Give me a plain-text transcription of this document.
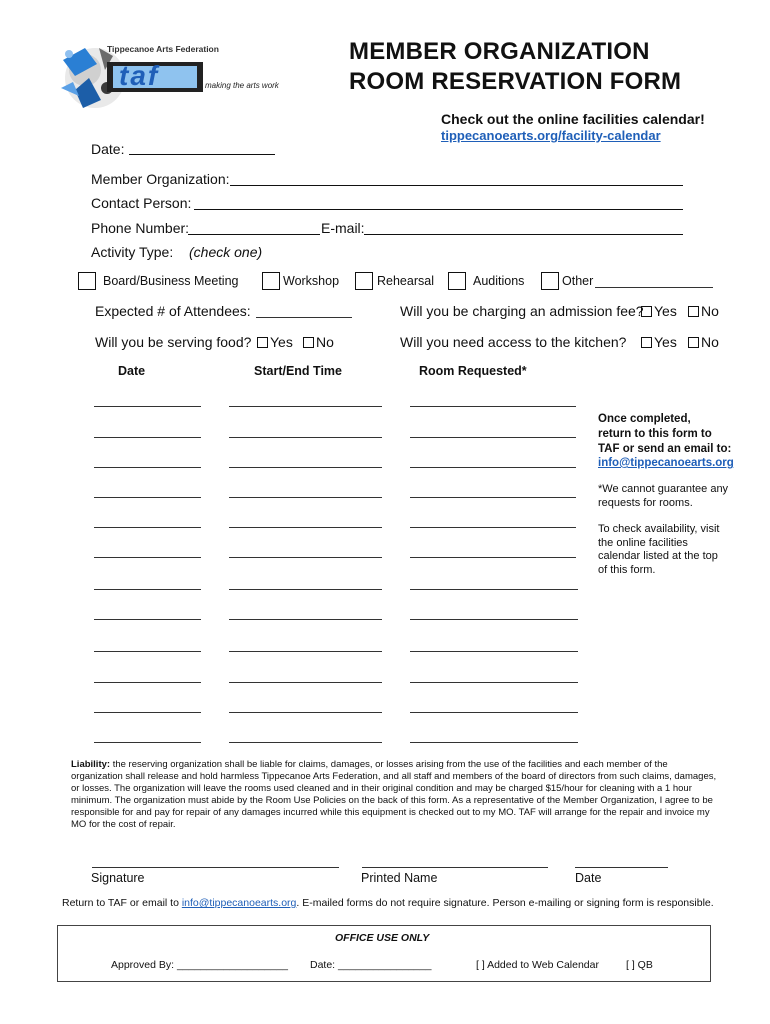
Tippecanoe Arts Federation
taf	making the arts work
MEMBER ORGANIZATION
ROOM RESERVATION FORM
Check out the online facilities calendar!
tippecanoearts.org/facility-calendar
Date:
Member Organization:
Contact Person:
Phone Number:	E-mail:
Activity Type: (check one)
Board/Business Meeting	Workshop	Rehearsal	Auditions	Other
Expected # of Attendees:	Will you be charging an admission fee? Yes	No
Will you be serving food?	Yes	No	Will you need access to the kitchen?	Yes	No
Date	Start/End Time	Room Requested*
Once completed,
return to this form to
TAF or send an email to:
info@tippecanoearts.org
*We cannot guarantee any requests for rooms.
To check availability, visit the online facilities calendar listed at the top of this form.
Liability: the reserving organization shall be liable for claims, damages, or losses arising from the use of the facilities and each member of the organization shall release and hold harmless Tippecanoe Arts Federation, and all staff and members of the board of directors from such claims, damages, or losses. The organization will leave the rooms used cleaned and in their original condition and may be charged $15/hour for cleaning with a 1 hour minimum. The organization must abide by the Room Use Policies on the back of this form. As a representative of the Member Organization, I agree to be responsible for and pay for repair of any damages incurred while this equipment is checked out to my MO. TAF will arrange for the repair and invoice my MO for the cost of repair.
Signature	Printed Name	Date
Return to TAF or email to info@tippecanoearts.org. E-mailed forms do not require signature. Person e-mailing or signing form is responsible.
OFFICE USE ONLY
Approved By: ___________________ Date: ________________	[ ] Added to Web Calendar	[ ] QB
